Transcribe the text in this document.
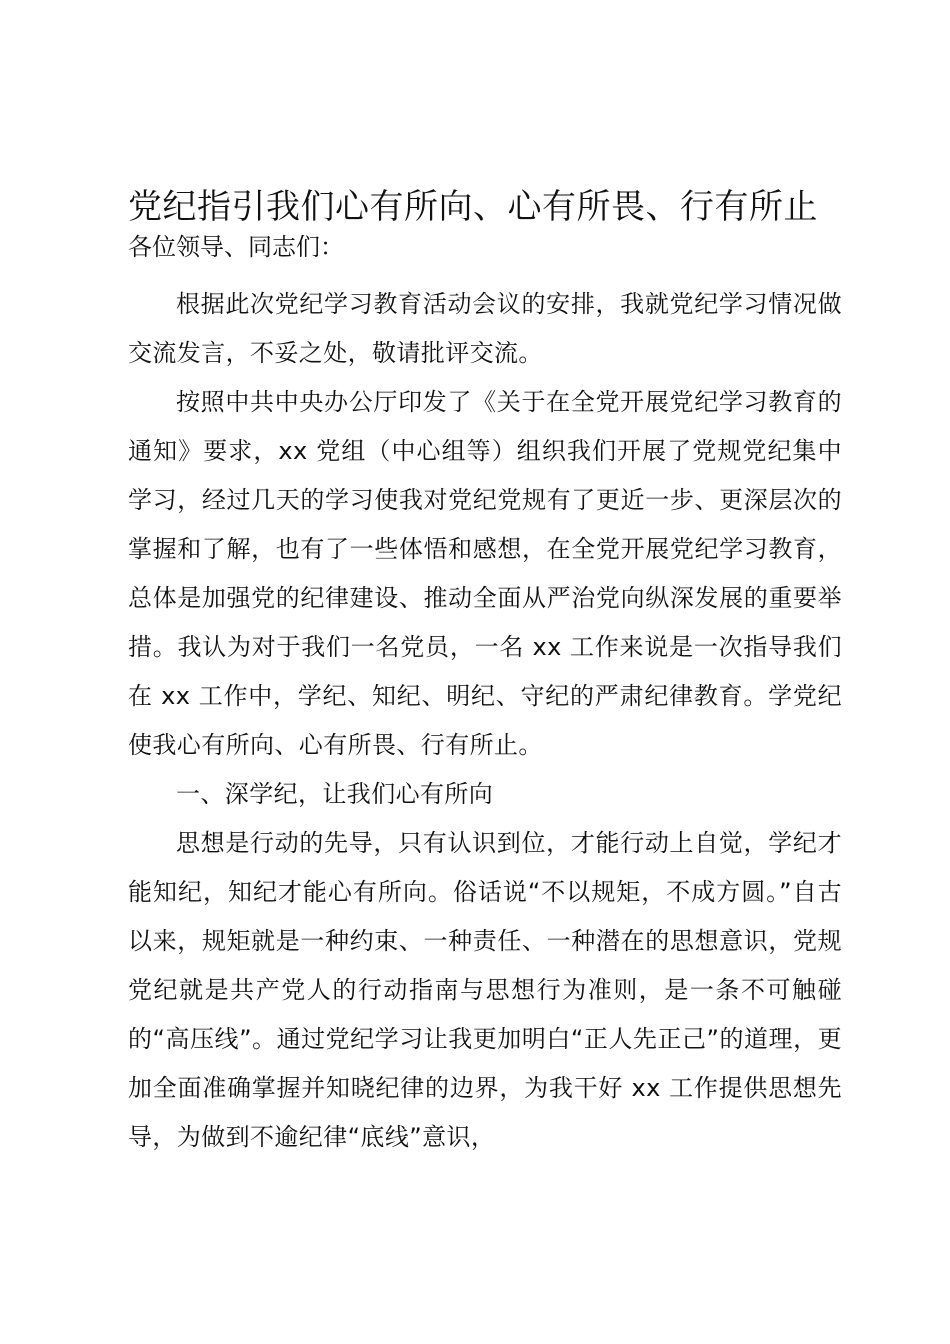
党纪指引我们心有所向、心有所畏、行有所止

各位领导、同志们：

根据此次党纪学习教育活动会议的安排，我就党纪学习情况做交流发言，不妥之处，敬请批评交流。

按照中共中央办公厅印发了《关于在全党开展党纪学习教育的通知》要求，xx 党组（中心组等）组织我们开展了党规党纪集中学习，经过几天的学习使我对党纪党规有了更近一步、更深层次的掌握和了解，也有了一些体悟和感想，在全党开展党纪学习教育，总体是加强党的纪律建设、推动全面从严治党向纵深发展的重要举措。我认为对于我们一名党员，一名 xx 工作来说是一次指导我们在 xx 工作中，学纪、知纪、明纪、守纪的严肃纪律教育。学党纪使我心有所向、心有所畏、行有所止。

一、深学纪，让我们心有所向

思想是行动的先导，只有认识到位，才能行动上自觉，学纪才能知纪，知纪才能心有所向。俗话说“不以规矩，不成方圆。”自古以来，规矩就是一种约束、一种责任、一种潜在的思想意识，党规党纪就是共产党人的行动指南与思想行为准则，是一条不可触碰的“高压线”。通过党纪学习让我更加明白“正人先正己”的道理，更加全面准确掌握并知晓纪律的边界，为我干好 xx 工作提供思想先导，为做到不逾纪律“底线”意识，
